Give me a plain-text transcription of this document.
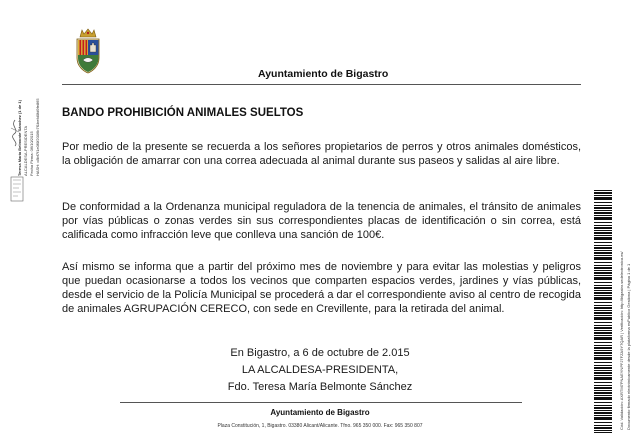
Teresa María Belmonte Sánchez (1 de 1) ALCALDESA-PRESIDENTA Fecha Firma: 06/10/2015 HASH: c8bf7f1e0f0f2006b7f1befd0fd9fe865
Ayuntamiento de Bigastro
BANDO PROHIBICIÓN ANIMALES SUELTOS
Por medio de la presente se recuerda a los señores propietarios de perros y otros animales domésticos, la obligación de amarrar con una correa adecuada al animal durante sus paseos y salidas al aire libre.
De conformidad a la Ordenanza municipal reguladora de la tenencia de animales, el tránsito de animales por vías públicas o zonas verdes sin sus correspondientes placas de identificación o sin correa, está calificada como infracción leve que conlleva una sanción de 100€.
Así mismo se informa que a partir del próximo mes de noviembre y para evitar las molestias y peligros que puedan ocasionarse a todos los vecinos que comparten espacios verdes, jardines y vías públicas, desde el servicio de la Policía Municipal se procederá a dar el correspondiente aviso al centro de recogida de animales AGRUPACIÓN CERECO, con sede en Crevillente, para la retirada del animal.
En Bigastro, a 6 de octubre de 2.015
LA ALCALDESA-PRESIDENTA,
Fdo. Teresa María Belmonte Sánchez
Ayuntamiento de Bigastro
Plaza Constitución, 1, Bigastro. 03380 Alicant/Alicante. Tfno. 965 350 000. Fax: 965 350 807	Cód. Validación: AXRTM7PNAEYNPFJ7FZA9Y7QAR | Verificación: http://bigastro.sedelectronica.es/ Documento firmado electrónicamente desde la plataforma esPublico Gestiona | Página 1 de 1
